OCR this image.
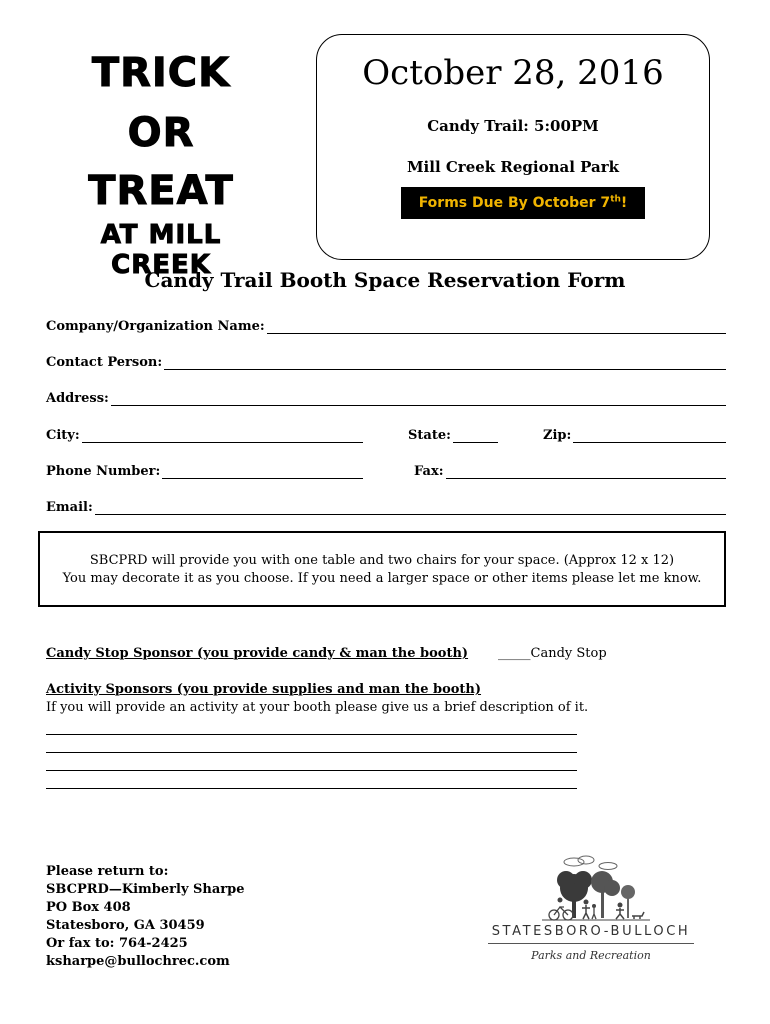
TRICK
OR
TREAT
AT MILL CREEK
October 28, 2016
Candy Trail: 5:00PM
Mill Creek Regional Park
Forms Due By October 7th!
Candy Trail Booth Space Reservation Form
Company/Organization Name:
Contact Person:
Address:
City:	State:	Zip:
Phone Number:	Fax:
Email:
SBCPRD will provide you with one table and two chairs for your space. (Approx 12 x 12)
You may decorate it as you choose. If you need a larger space or other items please let me know.
Candy Stop Sponsor (you provide candy & man the booth) _____Candy Stop
Activity Sponsors (you provide supplies and man the booth)
If you will provide an activity at your booth please give us a brief description of it.
Please return to:
SBCPRD—Kimberly Sharpe
PO Box 408
Statesboro, GA 30459
Or fax to: 764-2425
ksharpe@bullochrec.com
STATESBORO-BULLOCH
Parks and Recreation
